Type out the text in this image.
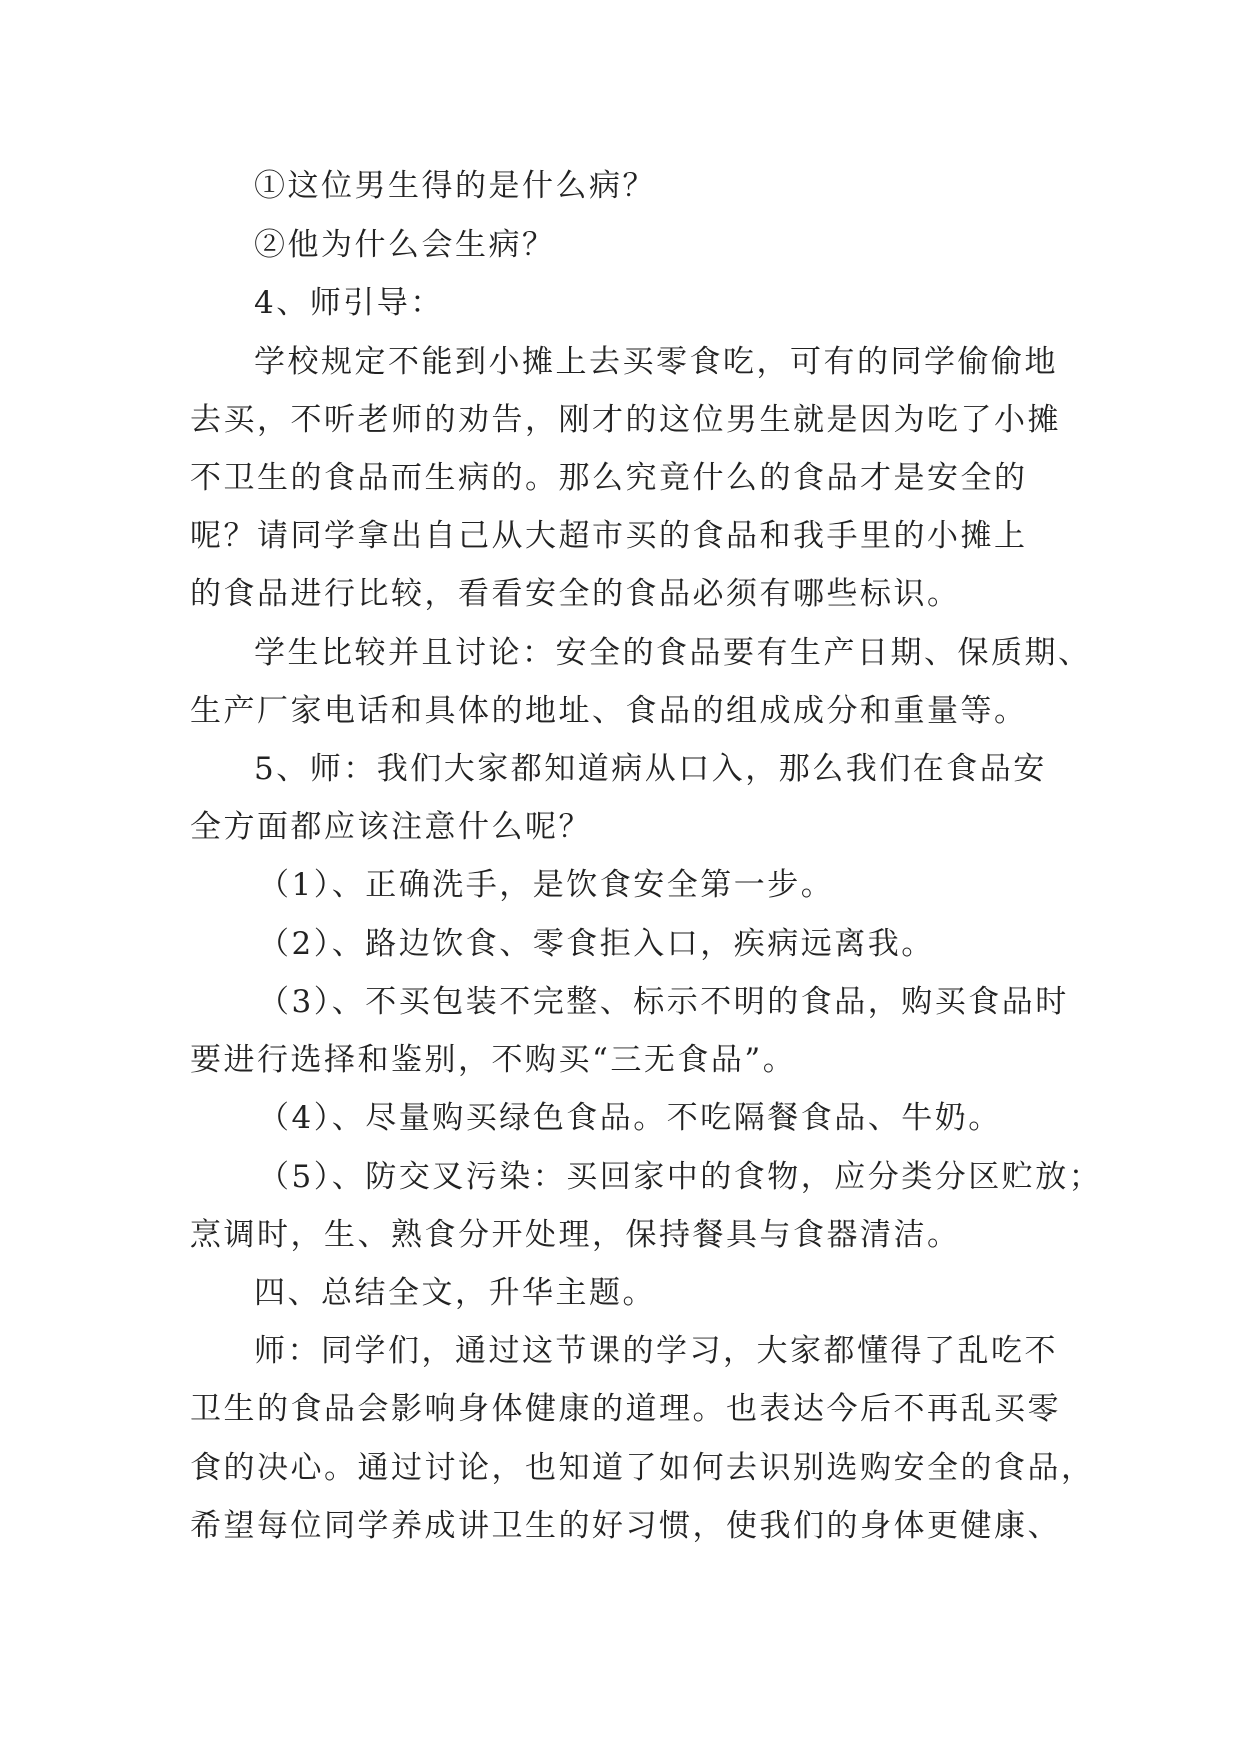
①这位男生得的是什么病？
②他为什么会生病？
4、师引导：
学校规定不能到小摊上去买零食吃，可有的同学偷偷地
去买，不听老师的劝告，刚才的这位男生就是因为吃了小摊
不卫生的食品而生病的。那么究竟什么的食品才是安全的
呢？请同学拿出自己从大超市买的食品和我手里的小摊上
的食品进行比较，看看安全的食品必须有哪些标识。
学生比较并且讨论：安全的食品要有生产日期、保质期、
生产厂家电话和具体的地址、食品的组成成分和重量等。
5、师：我们大家都知道病从口入，那么我们在食品安
全方面都应该注意什么呢？
（1）、正确洗手，是饮食安全第一步。
（2）、路边饮食、零食拒入口，疾病远离我。
（3）、不买包装不完整、标示不明的食品，购买食品时
要进行选择和鉴别，不购买“三无食品”。
（4）、尽量购买绿色食品。不吃隔餐食品、牛奶。
（5）、防交叉污染：买回家中的食物，应分类分区贮放；
烹调时，生、熟食分开处理，保持餐具与食器清洁。
四、总结全文，升华主题。
师：同学们，通过这节课的学习，大家都懂得了乱吃不
卫生的食品会影响身体健康的道理。也表达今后不再乱买零
食的决心。通过讨论，也知道了如何去识别选购安全的食品，
希望每位同学养成讲卫生的好习惯，使我们的身体更健康、
